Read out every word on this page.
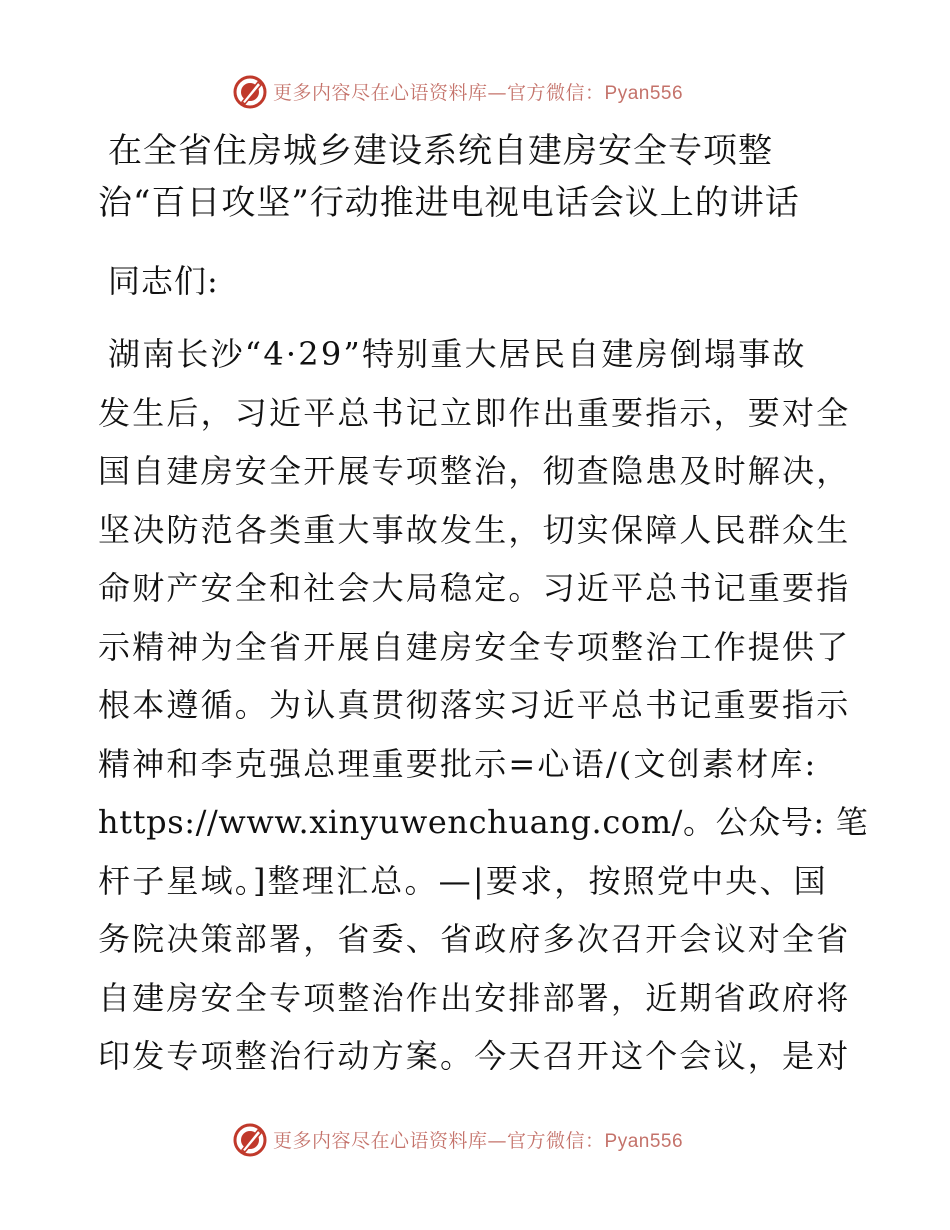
更多内容尽在心语资料库—官方微信：Pyan556
在全省住房城乡建设系统自建房安全专项整
治“百日攻坚”行动推进电视电话会议上的讲话
同志们:
湖南长沙“4·29”特别重大居民自建房倒塌事故
发生后，习近平总书记立即作出重要指示，要对全
国自建房安全开展专项整治，彻查隐患及时解决，
坚决防范各类重大事故发生，切实保障人民群众生
命财产安全和社会大局稳定。习近平总书记重要指
示精神为全省开展自建房安全专项整治工作提供了
根本遵循。为认真贯彻落实习近平总书记重要指示
精神和李克强总理重要批示=心语/(文创素材库:
https://www.xinyuwenchuang.com/。公众号: 笔
杆子星域。]整理汇总。—|要求，按照党中央、国
务院决策部署，省委、省政府多次召开会议对全省
自建房安全专项整治作出安排部署，近期省政府将
印发专项整治行动方案。今天召开这个会议，是对
更多内容尽在心语资料库—官方微信：Pyan556
